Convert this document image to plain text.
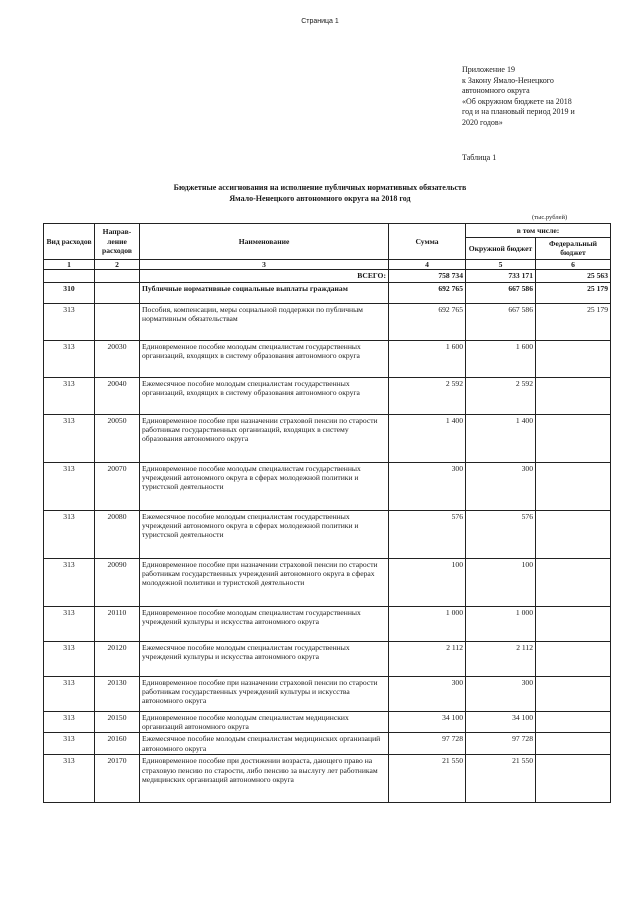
Страница 1
Приложение 19
к Закону Ямало-Ненецкого
автономного округа
«Об окружном бюджете на 2018
год и на плановый период 2019 и
2020 годов»
Таблица 1
Бюджетные ассигнования на исполнение публичных нормативных обязательств
Ямало-Ненецкого автономного округа на 2018 год
(тыс.рублей)
Вид расходов	Направ-ление расходов	Наименование	Сумма	в том числе:	
				Окружной бюджет	Федеральный бюджет
1	2	3	4	5	6
		ВСЕГО:	758 734	733 171	25 563
310		Публичные нормативные социальные выплаты гражданам	692 765	667 586	25 179
313		Пособия, компенсации, меры социальной поддержки по публичным нормативным обязательствам	692 765	667 586	25 179
313	20030	Единовременное пособие молодым специалистам государственных организаций, входящих в систему образования автономного округа	1 600	1 600	
313	20040	Ежемесячное пособие молодым специалистам государственных организаций, входящих в систему образования автономного округа	2 592	2 592	
313	20050	Единовременное пособие при назначении страховой пенсии по старости работникам государственных организаций, входящих в систему образования автономного округа	1 400	1 400	
313	20070	Единовременное пособие молодым специалистам государственных учреждений автономного округа в сферах молодежной политики и туристской деятельности	300	300	
313	20080	Ежемесячное пособие молодым специалистам государственных учреждений автономного округа в сферах молодежной политики и туристской деятельности	576	576	
313	20090	Единовременное пособие при назначении страховой пенсии по старости работникам государственных учреждений автономного округа в сферах молодежной политики и туристской деятельности	100	100	
313	20110	Единовременное пособие молодым специалистам государственных учреждений культуры и искусства автономного округа	1 000	1 000	
313	20120	Ежемесячное пособие молодым специалистам государственных учреждений культуры и искусства автономного округа	2 112	2 112	
313	20130	Единовременное пособие при назначении страховой пенсии по старости работникам государственных учреждений культуры и искусства автономного округа	300	300	
313	20150	Единовременное пособие молодым специалистам медицинских организаций автономного округа	34 100	34 100	
313	20160	Ежемесячное пособие молодым специалистам медицинских организаций автономного округа	97 728	97 728	
313	20170	Единовременное пособие при достижении возраста, дающего право на страховую пенсию по старости, либо пенсию за выслугу лет работникам медицинских организаций автономного округа	21 550	21 550	
